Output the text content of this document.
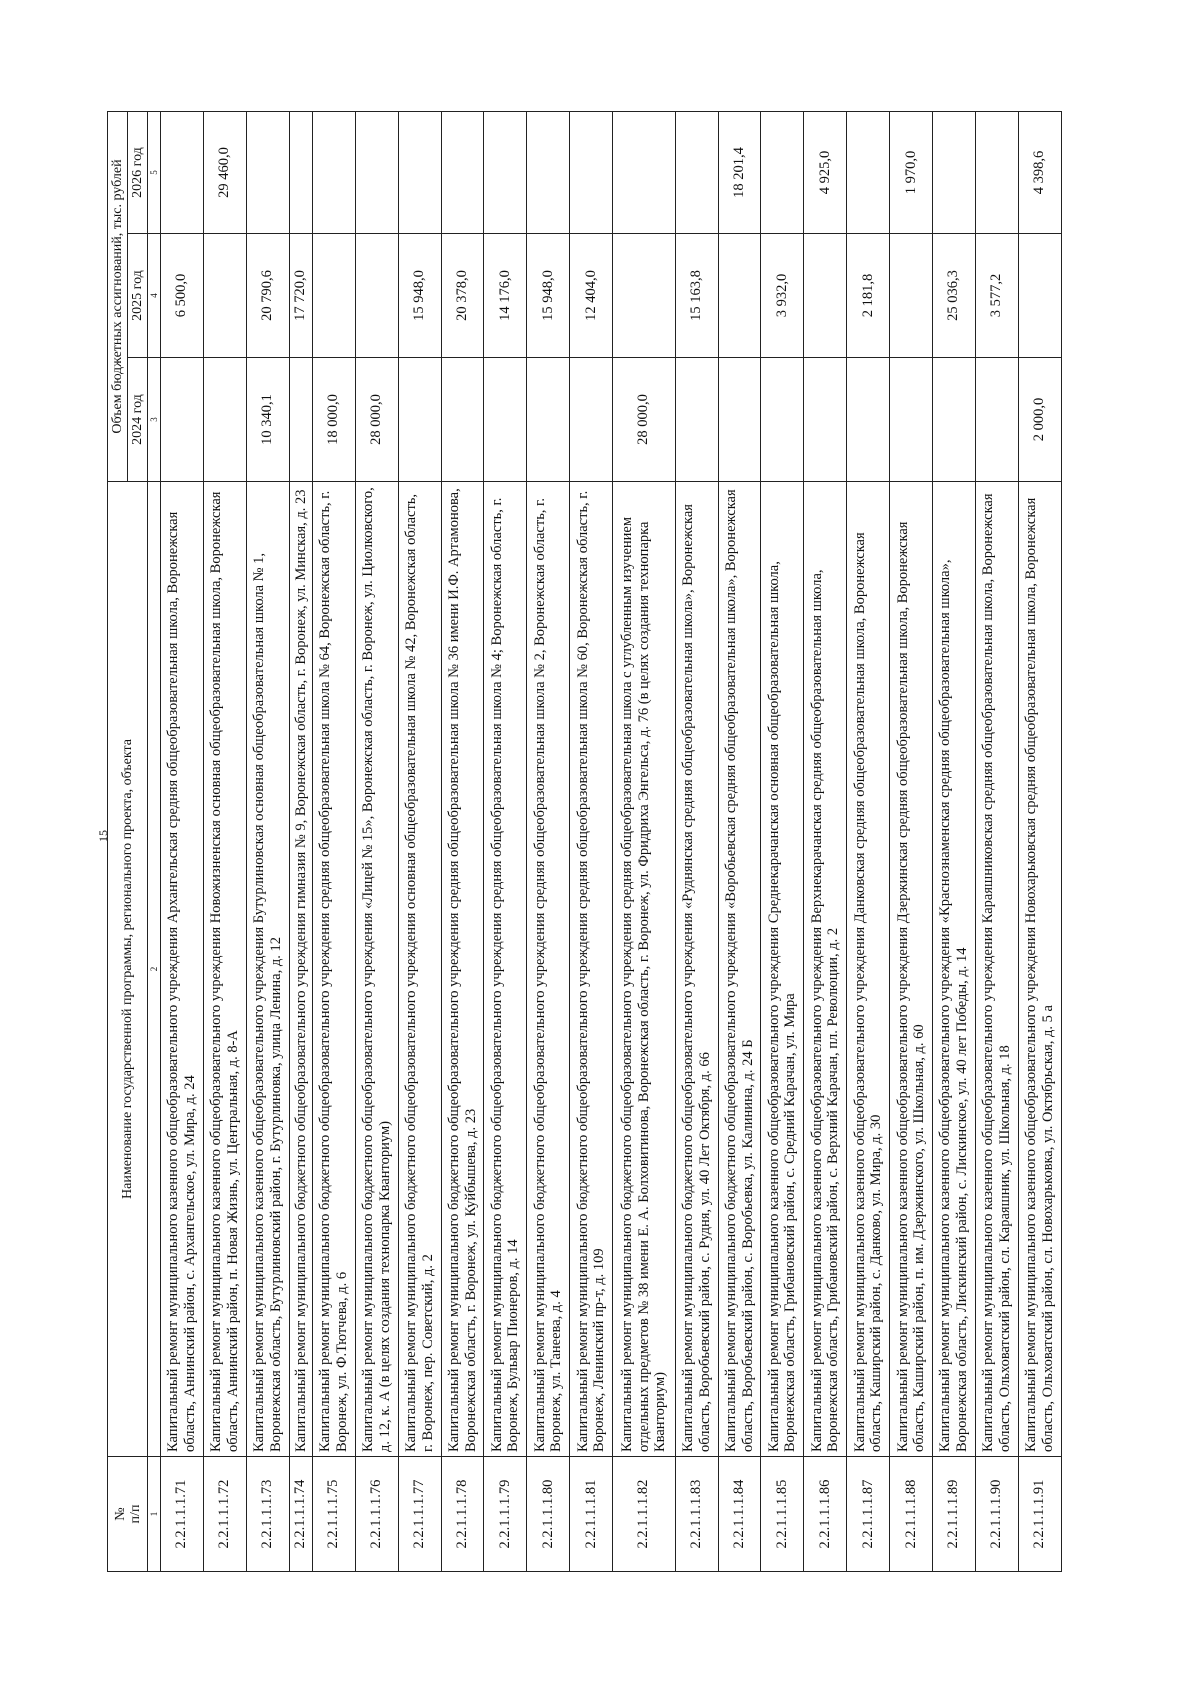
15
№
п/п	Наименование государственной программы, регионального проекта, объекта	Объем бюджетных ассигнований, тыс. рублей		
		2024 год	2025 год	2026 год
1	2	3	4	5
2.2.1.1.1.71	Капитальный ремонт муниципального казенного общеобразовательного учреждения Архангельская средняя общеобразовательная школа, Воронежская область, Аннинский район, с. Архангельское, ул. Мира, д. 24		6 500,0	
2.2.1.1.1.72	Капитальный ремонт муниципального казенного общеобразовательного учреждения Новожизненская основная общеобразовательная школа, Воронежская область, Аннинский район, п. Новая Жизнь, ул. Центральная, д. 8-А			29 460,0
2.2.1.1.1.73	Капитальный ремонт муниципального казенного общеобразовательного учреждения Бутурлиновская основная общеобразовательная школа № 1, Воронежская область, Бутурлиновский район, г. Бутурлиновка, улица Ленина, д. 12	10 340,1	20 790,6	
2.2.1.1.1.74	Капитальный ремонт муниципального бюджетного общеобразовательного учреждения гимназия № 9, Воронежская область, г. Воронеж, ул. Минская, д. 23		17 720,0	
2.2.1.1.1.75	Капитальный ремонт муниципального бюджетного общеобразовательного учреждения средняя общеобразовательная школа № 64, Воронежская область, г. Воронеж, ул. Ф.Тютчева, д. 6	18 000,0		
2.2.1.1.1.76	Капитальный ремонт муниципального бюджетного общеобразовательного учреждения «Лицей № 15», Воронежская область, г. Воронеж, ул. Циолковского, д. 12, к. А (в целях создания технопарка Кванториум)	28 000,0		
2.2.1.1.1.77	Капитальный ремонт муниципального бюджетного общеобразовательного учреждения основная общеобразовательная школа № 42, Воронежская область, г. Воронеж, пер. Советский, д. 2		15 948,0	
2.2.1.1.1.78	Капитальный ремонт муниципального бюджетного общеобразовательного учреждения средняя общеобразовательная школа № 36 имени И.Ф. Артамонова, Воронежская область, г. Воронеж, ул. Куйбышева, д. 23		20 378,0	
2.2.1.1.1.79	Капитальный ремонт муниципального бюджетного общеобразовательного учреждения средняя общеобразовательная школа № 4; Воронежская область, г. Воронеж, Бульвар Пионеров, д. 14		14 176,0	
2.2.1.1.1.80	Капитальный ремонт муниципального бюджетного общеобразовательного учреждения средняя общеобразовательная школа № 2, Воронежская область, г. Воронеж, ул. Танеева, д. 4		15 948,0	
2.2.1.1.1.81	Капитальный ремонт муниципального бюджетного общеобразовательного учреждения средняя общеобразовательная школа № 60, Воронежская область, г. Воронеж, Ленинский пр-т, д. 109		12 404,0	
2.2.1.1.1.82	Капитальный ремонт муниципального бюджетного общеобразовательного учреждения средняя общеобразовательная школа с углубленным изучением отдельных предметов № 38 имени Е. А. Болховитинова, Воронежская область, г. Воронеж, ул. Фридриха Энгельса, д. 76 (в целях создания технопарка Кванториум)	28 000,0		
2.2.1.1.1.83	Капитальный ремонт муниципального бюджетного общеобразовательного учреждения «Руднянская средняя общеобразовательная школа», Воронежская область, Воробьевский район, с. Рудня, ул. 40 Лет Октября, д. 66		15 163,8	
2.2.1.1.1.84	Капитальный ремонт муниципального бюджетного общеобразовательного учреждения «Воробьевская средняя общеобразовательная школа», Воронежская область, Воробьевский район, с. Воробьевка, ул. Калинина, д. 24 Б			18 201,4
2.2.1.1.1.85	Капитальный ремонт муниципального казенного общеобразовательного учреждения Среднекарачанская основная общеобразовательная школа, Воронежская область, Грибановский район, с. Средний Карачан, ул. Мира		3 932,0	
2.2.1.1.1.86	Капитальный ремонт муниципального казенного общеобразовательного учреждения Верхнекарачанская средняя общеобразовательная школа, Воронежская область, Грибановский район, с. Верхний Карачан, пл. Революции, д. 2			4 925,0
2.2.1.1.1.87	Капитальный ремонт муниципального казенного общеобразовательного учреждения Данковская средняя общеобразовательная школа, Воронежская область, Каширский район, с. Данково, ул. Мира, д. 30		2 181,8	
2.2.1.1.1.88	Капитальный ремонт муниципального казенного общеобразовательного учреждения Дзержинская средняя общеобразовательная школа, Воронежская область, Каширский район, п. им. Дзержинского, ул. Школьная, д. 60			1 970,0
2.2.1.1.1.89	Капитальный ремонт муниципального казенного общеобразовательного учреждения «Краснознаменская средняя общеобразовательная школа», Воронежская область, Лискинский район, с. Лискинское, ул. 40 лет Победы, д. 14		25 036,3	
2.2.1.1.1.90	Капитальный ремонт муниципального казенного общеобразовательного учреждения Караяшниковская средняя общеобразовательная школа, Воронежская область, Ольховатский район, сл. Караяшник, ул. Школьная, д. 18		3 577,2	
2.2.1.1.1.91	Капитальный ремонт муниципального казенного общеобразовательного учреждения Новохарьковская средняя общеобразовательная школа, Воронежская область, Ольховатский район, сл. Новохарьковка, ул. Октябрьская, д. 5 а	2 000,0		4 398,6
